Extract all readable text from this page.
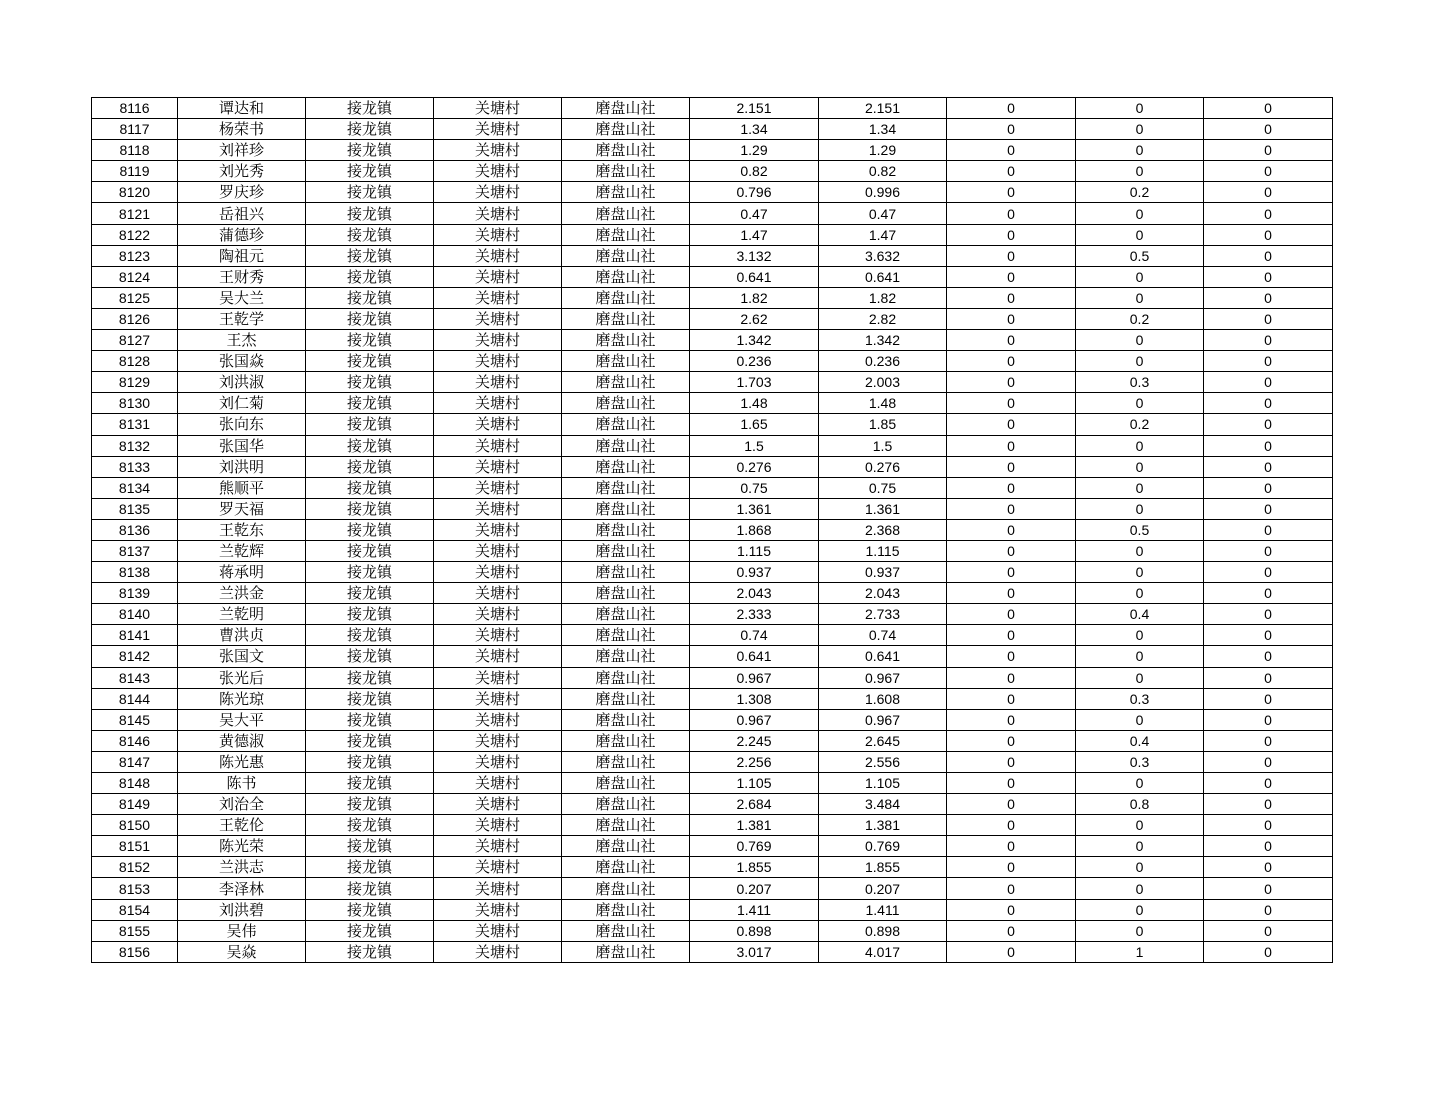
8116	谭达和	接龙镇	关塘村	磨盘山社	2.151	2.151	0	0	0
8117	杨荣书	接龙镇	关塘村	磨盘山社	1.34	1.34	0	0	0
8118	刘祥珍	接龙镇	关塘村	磨盘山社	1.29	1.29	0	0	0
8119	刘光秀	接龙镇	关塘村	磨盘山社	0.82	0.82	0	0	0
8120	罗庆珍	接龙镇	关塘村	磨盘山社	0.796	0.996	0	0.2	0
8121	岳祖兴	接龙镇	关塘村	磨盘山社	0.47	0.47	0	0	0
8122	蒲德珍	接龙镇	关塘村	磨盘山社	1.47	1.47	0	0	0
8123	陶祖元	接龙镇	关塘村	磨盘山社	3.132	3.632	0	0.5	0
8124	王财秀	接龙镇	关塘村	磨盘山社	0.641	0.641	0	0	0
8125	吴大兰	接龙镇	关塘村	磨盘山社	1.82	1.82	0	0	0
8126	王乾学	接龙镇	关塘村	磨盘山社	2.62	2.82	0	0.2	0
8127	王杰	接龙镇	关塘村	磨盘山社	1.342	1.342	0	0	0
8128	张国焱	接龙镇	关塘村	磨盘山社	0.236	0.236	0	0	0
8129	刘洪淑	接龙镇	关塘村	磨盘山社	1.703	2.003	0	0.3	0
8130	刘仁菊	接龙镇	关塘村	磨盘山社	1.48	1.48	0	0	0
8131	张向东	接龙镇	关塘村	磨盘山社	1.65	1.85	0	0.2	0
8132	张国华	接龙镇	关塘村	磨盘山社	1.5	1.5	0	0	0
8133	刘洪明	接龙镇	关塘村	磨盘山社	0.276	0.276	0	0	0
8134	熊顺平	接龙镇	关塘村	磨盘山社	0.75	0.75	0	0	0
8135	罗天福	接龙镇	关塘村	磨盘山社	1.361	1.361	0	0	0
8136	王乾东	接龙镇	关塘村	磨盘山社	1.868	2.368	0	0.5	0
8137	兰乾辉	接龙镇	关塘村	磨盘山社	1.115	1.115	0	0	0
8138	蒋承明	接龙镇	关塘村	磨盘山社	0.937	0.937	0	0	0
8139	兰洪金	接龙镇	关塘村	磨盘山社	2.043	2.043	0	0	0
8140	兰乾明	接龙镇	关塘村	磨盘山社	2.333	2.733	0	0.4	0
8141	曹洪贞	接龙镇	关塘村	磨盘山社	0.74	0.74	0	0	0
8142	张国文	接龙镇	关塘村	磨盘山社	0.641	0.641	0	0	0
8143	张光后	接龙镇	关塘村	磨盘山社	0.967	0.967	0	0	0
8144	陈光琼	接龙镇	关塘村	磨盘山社	1.308	1.608	0	0.3	0
8145	吴大平	接龙镇	关塘村	磨盘山社	0.967	0.967	0	0	0
8146	黄德淑	接龙镇	关塘村	磨盘山社	2.245	2.645	0	0.4	0
8147	陈光惠	接龙镇	关塘村	磨盘山社	2.256	2.556	0	0.3	0
8148	陈书	接龙镇	关塘村	磨盘山社	1.105	1.105	0	0	0
8149	刘治全	接龙镇	关塘村	磨盘山社	2.684	3.484	0	0.8	0
8150	王乾伦	接龙镇	关塘村	磨盘山社	1.381	1.381	0	0	0
8151	陈光荣	接龙镇	关塘村	磨盘山社	0.769	0.769	0	0	0
8152	兰洪志	接龙镇	关塘村	磨盘山社	1.855	1.855	0	0	0
8153	李泽林	接龙镇	关塘村	磨盘山社	0.207	0.207	0	0	0
8154	刘洪碧	接龙镇	关塘村	磨盘山社	1.411	1.411	0	0	0
8155	吴伟	接龙镇	关塘村	磨盘山社	0.898	0.898	0	0	0
8156	吴焱	接龙镇	关塘村	磨盘山社	3.017	4.017	0	1	0
